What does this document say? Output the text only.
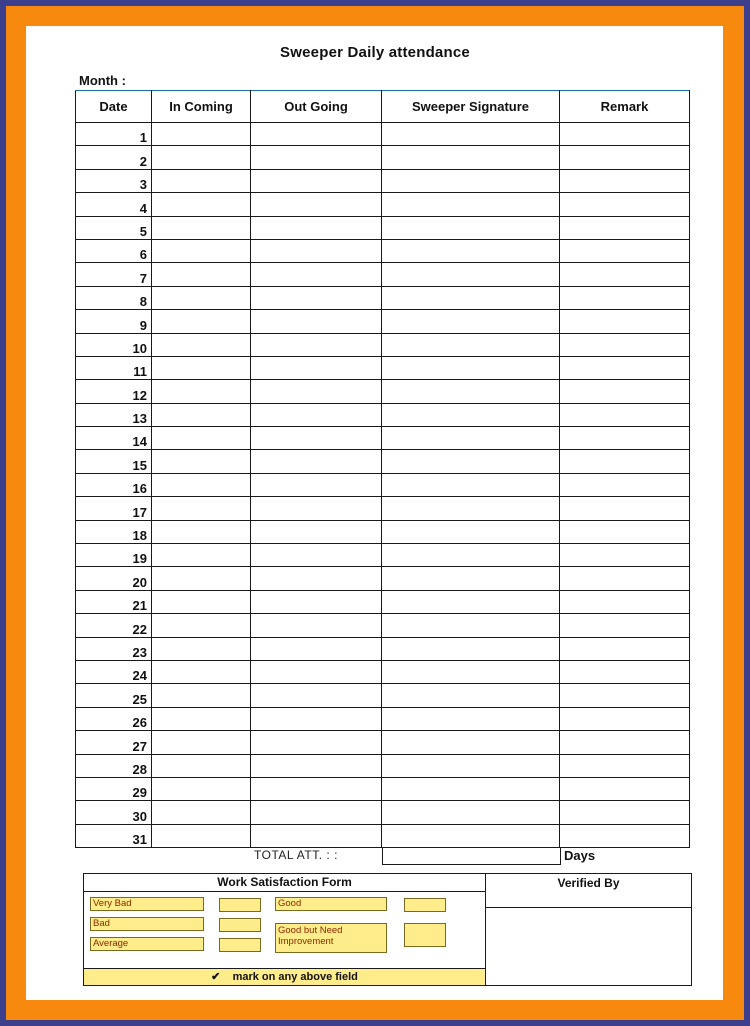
Sweeper Daily attendance
Month :
Date	In Coming	Out Going	Sweeper Signature	Remark
1				
2				
3				
4				
5				
6				
7				
8				
9				
10				
11				
12				
13				
14				
15				
16				
17				
18				
19				
20				
21				
22				
23				
24				
25				
26				
27				
28				
29				
30				
31				
TOTAL ATT. : :	Days
Work Satisfaction Form
Very Bad	Good
Bad
Good but Need Improvement
Average
✔ mark on any above field
Verified By
